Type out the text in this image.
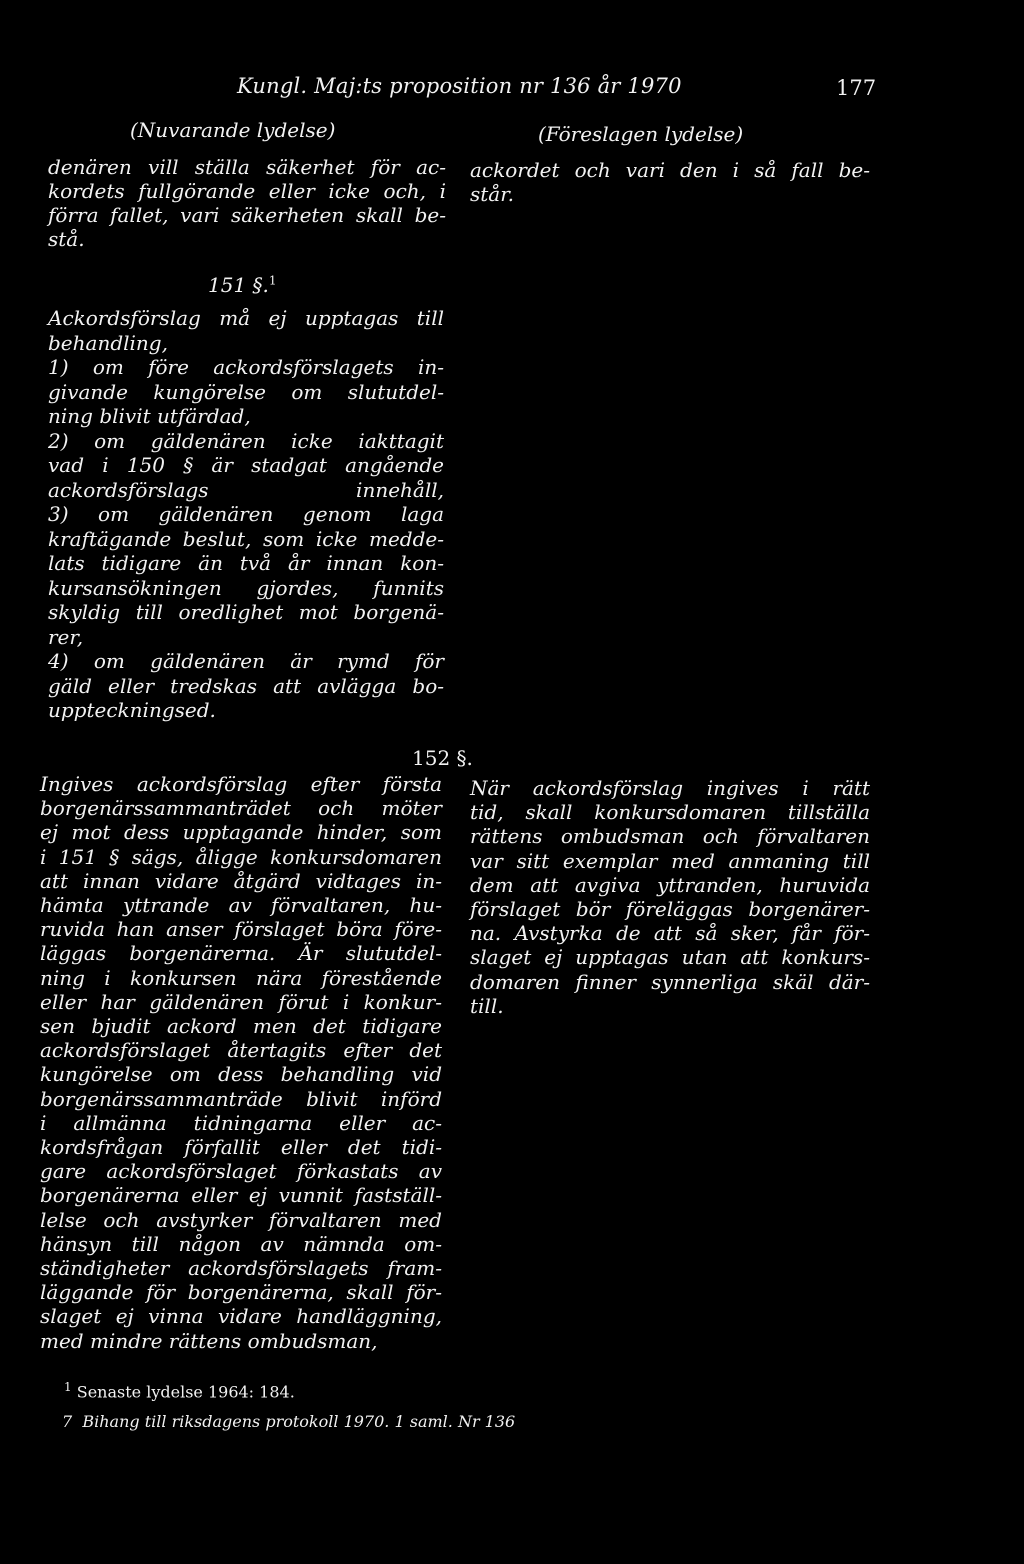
Kungl. Maj:ts proposition nr 136 år 1970	177
(Nuvarande lydelse)	(Föreslagen lydelse)
denären vill ställa säkerhet för ac-
kordets fullgörande eller icke och, i
förra fallet, vari säkerheten skall be-
stå.
ackordet och vari den i så fall be-
står.
151 §.$^1$
Ackordsförslag må ej upptagas till
behandling,
1) om före ackordsförslagets in-
givande kungörelse om slututdel-
ning blivit utfärdad,
2) om gäldenären icke iakttagit
vad i 150 § är stadgat angående
ackordsförslags innehåll,
3) om gäldenären genom laga
kraftägande beslut, som icke medde-
lats tidigare än två år innan kon-
kursansökningen gjordes, funnits
skyldig till oredlighet mot borgenä-
rer,
4) om gäldenären är rymd för
gäld eller tredskas att avlägga bo-
uppteckningsed.
152 §.
Ingives ackordsförslag efter första
borgenärssammanträdet och möter
ej mot dess upptagande hinder, som
i 151 § sägs, åligge konkursdomaren
att innan vidare åtgärd vidtages in-
hämta yttrande av förvaltaren, hu-
ruvida han anser förslaget böra före-
läggas borgenärerna. Är slututdel-
ning i konkursen nära förestående
eller har gäldenären förut i konkur-
sen bjudit ackord men det tidigare
ackordsförslaget återtagits efter det
kungörelse om dess behandling vid
borgenärssammanträde blivit införd
i allmänna tidningarna eller ac-
kordsfrågan förfallit eller det tidi-
gare ackordsförslaget förkastats av
borgenärerna eller ej vunnit fastställ-
lelse och avstyrker förvaltaren med
hänsyn till någon av nämnda om-
ständigheter ackordsförslagets fram-
läggande för borgenärerna, skall för-
slaget ej vinna vidare handläggning,
med mindre rättens ombudsman,
När ackordsförslag ingives i rätt
tid, skall konkursdomaren tillställa
rättens ombudsman och förvaltaren
var sitt exemplar med anmaning till
dem att avgiva yttranden, huruvida
förslaget bör föreläggas borgenärer-
na. Avstyrka de att så sker, får för-
slaget ej upptagas utan att konkurs-
domaren finner synnerliga skäl där-
till.
$^1$ Senaste lydelse 1964: 184.
7  Bihang till riksdagens protokoll 1970. 1 saml. Nr 136
